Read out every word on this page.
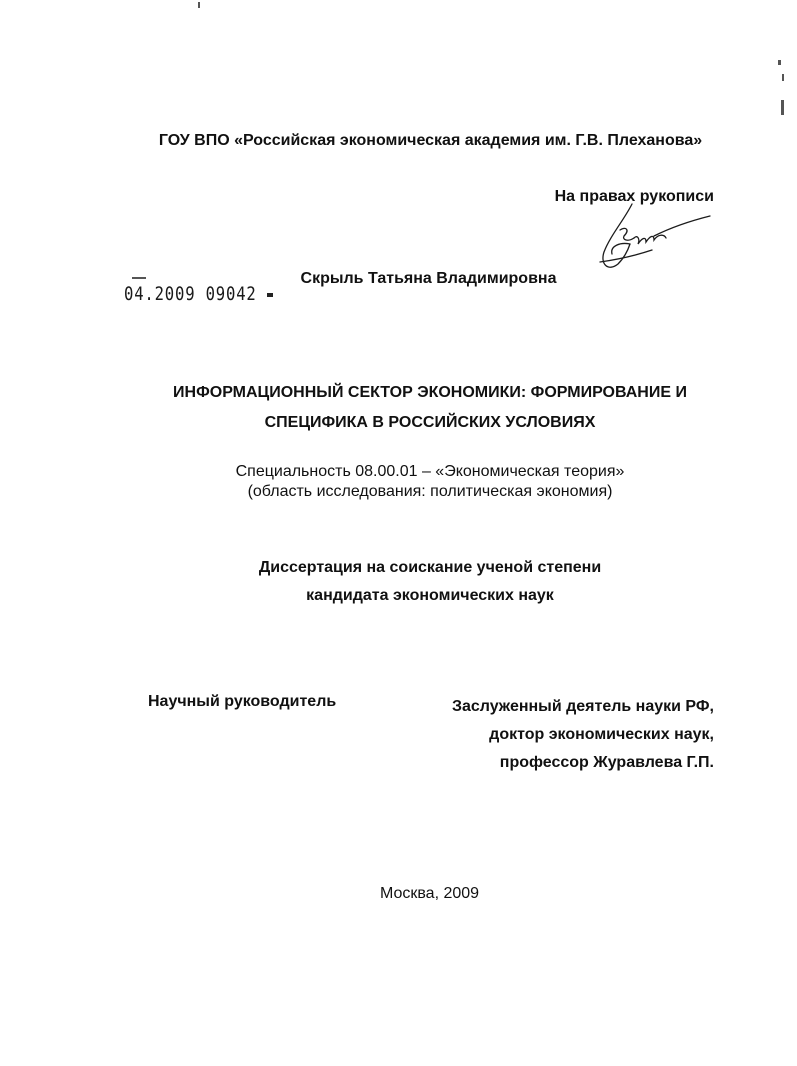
ГОУ ВПО «Российская экономическая академия им. Г.В. Плеханова»
На правах рукописи
04.2009 09042
Скрыль Татьяна Владимировна
ИНФОРМАЦИОННЫЙ СЕКТОР ЭКОНОМИКИ: ФОРМИРОВАНИЕ И
СПЕЦИФИКА В РОССИЙСКИХ УСЛОВИЯХ
Специальность 08.00.01 – «Экономическая теория»
(область исследования: политическая экономия)
Диссертация на соискание ученой степени
кандидата экономических наук
Научный руководитель	Заслуженный деятель науки РФ,
доктор экономических наук,
профессор Журавлева Г.П.
Москва, 2009
